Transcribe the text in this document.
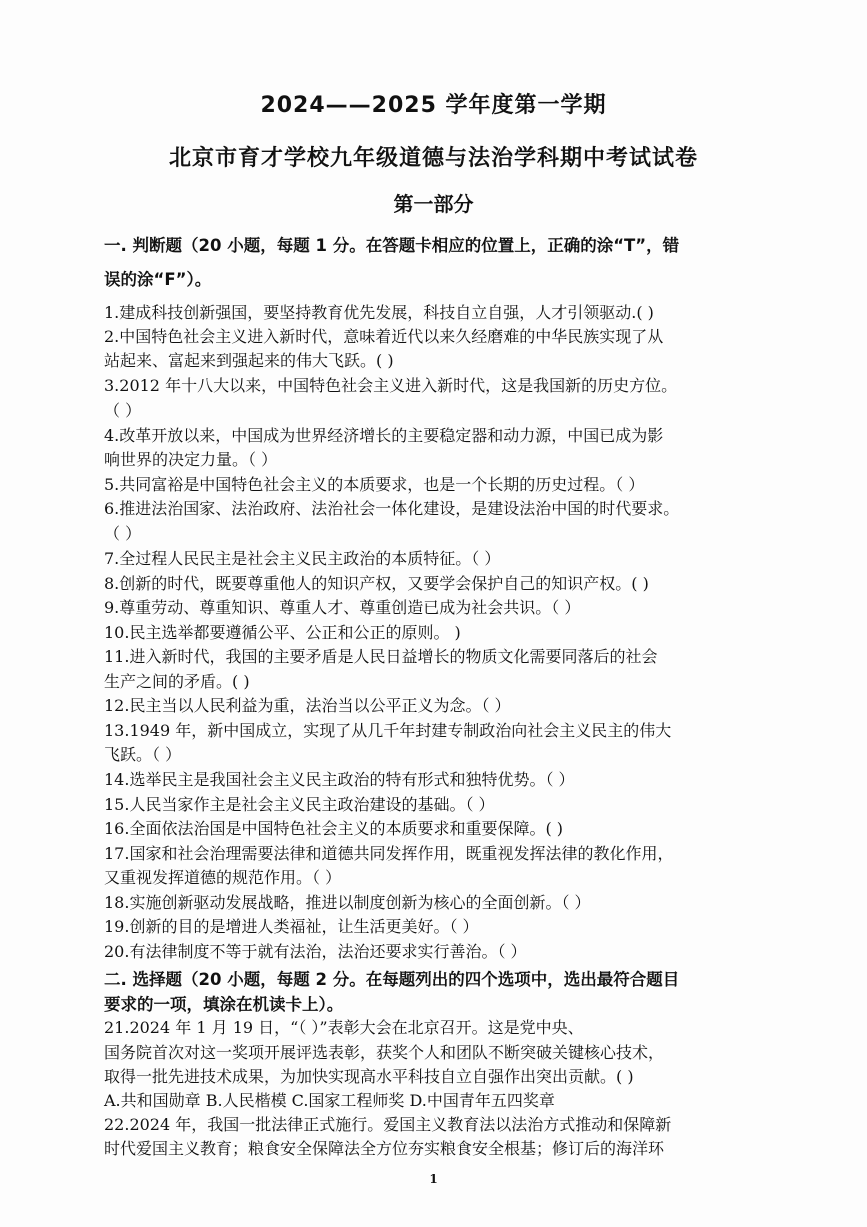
2024——2025 学年度第一学期
北京市育才学校九年级道德与法治学科期中考试试卷
第一部分
一. 判断题（20 小题，每题 1 分。在答题卡相应的位置上，正确的涂“T”，错
误的涂“F”）。
1.建成科技创新强国，要坚持教育优先发展，科技自立自强，人才引领驱动.( )
2.中国特色社会主义进入新时代，意味着近代以来久经磨难的中华民族实现了从
站起来、富起来到强起来的伟大飞跃。( )
3.2012 年十八大以来，中国特色社会主义进入新时代，这是我国新的历史方位。
（ ）
4.改革开放以来，中国成为世界经济增长的主要稳定器和动力源，中国已成为影
响世界的决定力量。（ ）
5.共同富裕是中国特色社会主义的本质要求，也是一个长期的历史过程。（ ）
6.推进法治国家、法治政府、法治社会一体化建设，是建设法治中国的时代要求。
（ ）
7.全过程人民民主是社会主义民主政治的本质特征。（ ）
8.创新的时代，既要尊重他人的知识产权，又要学会保护自己的知识产权。( )
9.尊重劳动、尊重知识、尊重人才、尊重创造已成为社会共识。（ ）
10.民主选举都要遵循公平、公正和公正的原则。 )
11.进入新时代，我国的主要矛盾是人民日益增长的物质文化需要同落后的社会
生产之间的矛盾。( )
12.民主当以人民利益为重，法治当以公平正义为念。（ ）
13.1949 年，新中国成立，实现了从几千年封建专制政治向社会主义民主的伟大
飞跃。（ ）
14.选举民主是我国社会主义民主政治的特有形式和独特优势。（ ）
15.人民当家作主是社会主义民主政治建设的基础。（ ）
16.全面依法治国是中国特色社会主义的本质要求和重要保障。( )
17.国家和社会治理需要法律和道德共同发挥作用，既重视发挥法律的教化作用，
又重视发挥道德的规范作用。（ ）
18.实施创新驱动发展战略，推进以制度创新为核心的全面创新。（ ）
19.创新的目的是增进人类福祉，让生活更美好。（ ）
20.有法律制度不等于就有法治，法治还要求实行善治。（ ）
二. 选择题（20 小题，每题 2 分。在每题列出的四个选项中，选出最符合题目
要求的一项，填涂在机读卡上）。
21.2024 年 1 月 19 日，“（ ）”表彰大会在北京召开。这是党中央、
国务院首次对这一奖项开展评选表彰，获奖个人和团队不断突破关键核心技术，
取得一批先进技术成果，为加快实现高水平科技自立自强作出突出贡献。( )
A.共和国勋章 B.人民楷模 C.国家工程师奖 D.中国青年五四奖章
22.2024 年，我国一批法律正式施行。爱国主义教育法以法治方式推动和保障新
时代爱国主义教育；粮食安全保障法全方位夯实粮食安全根基；修订后的海洋环
1
